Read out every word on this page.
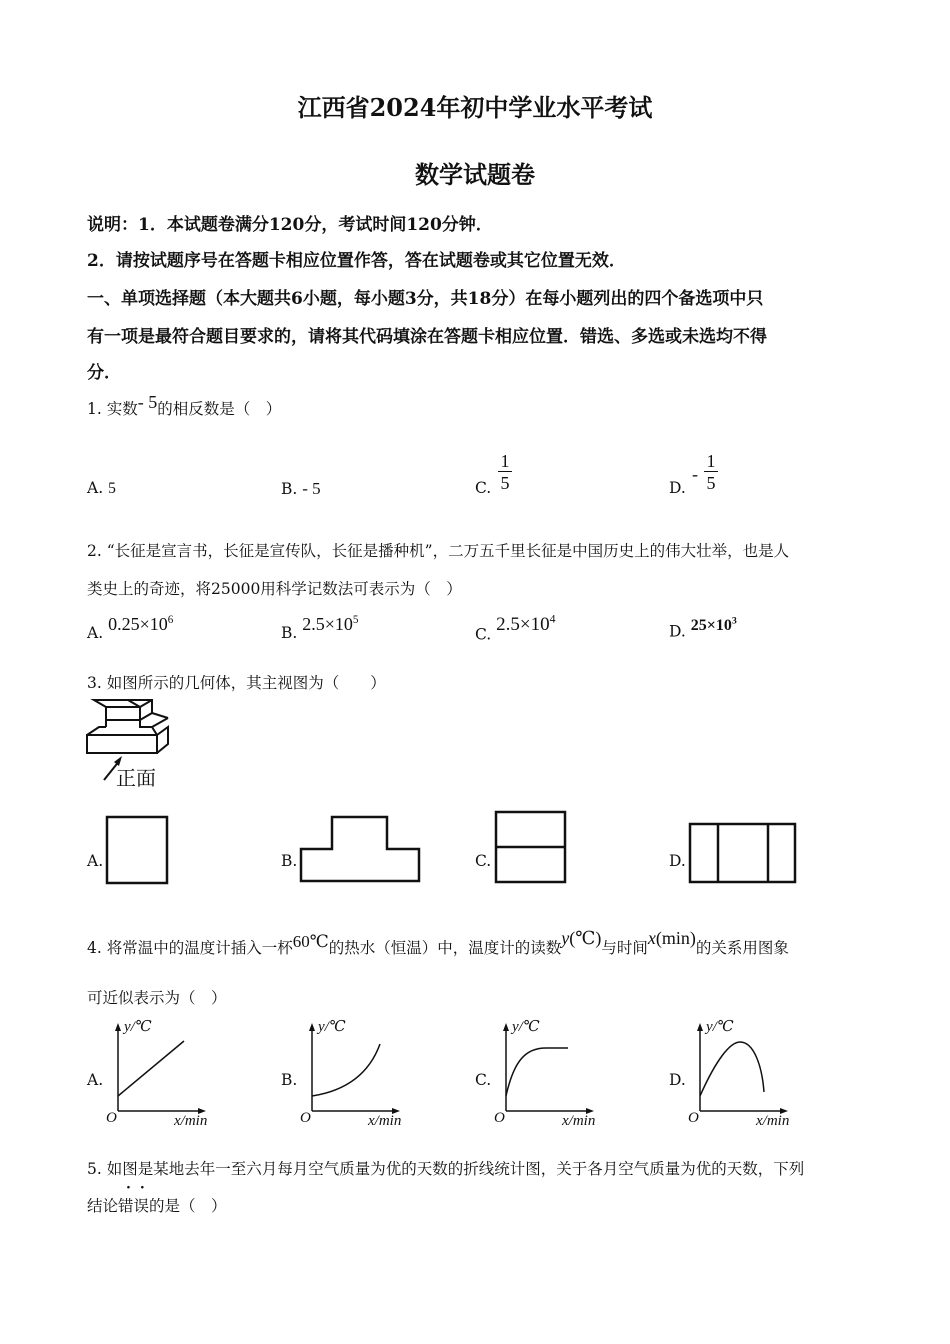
江西省2024年初中学业水平考试
数学试题卷
说明：1．本试题卷满分120分，考试时间120分钟．
2．请按试题序号在答题卡相应位置作答，答在试题卷或其它位置无效．
一、单项选择题（本大题共6小题，每小题3分，共18分）在每小题列出的四个备选项中只
有一项是最符合题目要求的，请将其代码填涂在答题卡相应位置．错选、多选或未选均不得
分．
1. 实数- 5的相反数是（　）
A. 5	B. - 5	C.
1
5	D.
-
1
5
2. “长征是宣言书，长征是宣传队，长征是播种机”，二万五千里长征是中国历史上的伟大壮举，也是人
类史上的奇迹，将25000用科学记数法可表示为（　）
A. $0.25\times 10^6$
B. $2.5\times 10^5$
C. $2.5\times 10^4$
D. $25\times 10^3$
3. 如图所示的几何体，其主视图为（　　）
正面
A.	B.	C.	D.
4. 将常温中的温度计插入一杯60℃的热水（恒温）中，温度计的读数y(℃)与时间x(min)的关系用图象
可近似表示为（　）
A.
y/℃
O	x/min
B.
y/℃
O	x/min
C.
y/℃
O	x/min
D.
y/℃
O	x/min
5. 如图是某地去年一至六月每月空气质量为优的天数的折线统计图，关于各月空气质量为优的天数，下列
结论错误的是（　）
··
